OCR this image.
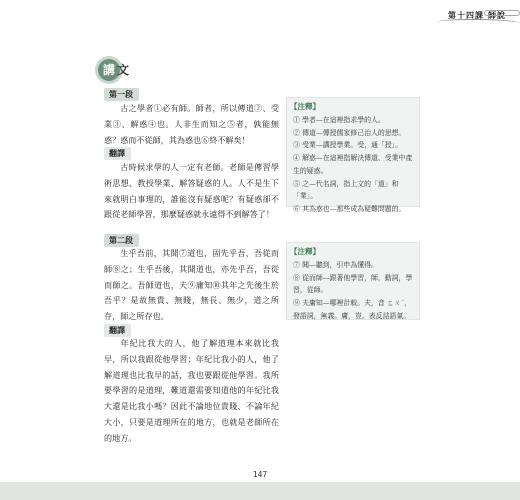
第十四課 師說
講 文
第一段
古之學者①必有師。師者，所以傳道②、受業③、解惑④也。人非生而知之⑤者，孰能無惑？惑而不從師，其為惑也⑥終不解矣！
翻譯
古時候求學的人一定有老師。老師是傳習學術思想、教授學業、解答疑惑的人。人不是生下來就明白事理的，誰能沒有疑惑呢？有疑惑卻不跟從老師學習，那麼疑惑就永遠得不到解答了！
【注釋】
① 學者—在這裡指求學的人。
② 傳道—傳授儒家修己治人的思想。
③ 受業—講授學業。受，通「授」。
④ 解惑—在這裡指解決傳道、受業中產生的疑惑。
⑤ 之—代名詞，指上文的「道」和「業」。
⑥ 其為惑也—那些成為疑難問題的。
第二段
生乎吾前，其聞⑦道也，固先乎吾，吾從而師⑧之；生乎吾後，其聞道也，亦先乎吾，吾從而師之。吾師道也，夫⑨庸知⑩其年之先後生於吾乎？是故無貴、無賤，無長、無少，道之所存，師之所存也。
翻譯
年紀比我大的人，他了解道理本來就比我早，所以我跟從他學習；年紀比我小的人，他了解道理也比我早的話，我也要跟從他學習。我所要學習的是道理，難道還需要知道他的年紀比我大還是比我小嗎？因此不論地位貴賤、不論年紀大小，只要是道理所在的地方，也就是老師所在的地方。
【注釋】
⑦ 聞—聽到，引申為懂得。
⑧ 從而師—跟著他學習，師，動詞，學習，從師。
⑨ 夫庸知—哪裡計較。夫，音 ㄈㄨˊ，發語詞，無義。庸，豈。表反詰語氣。
147
